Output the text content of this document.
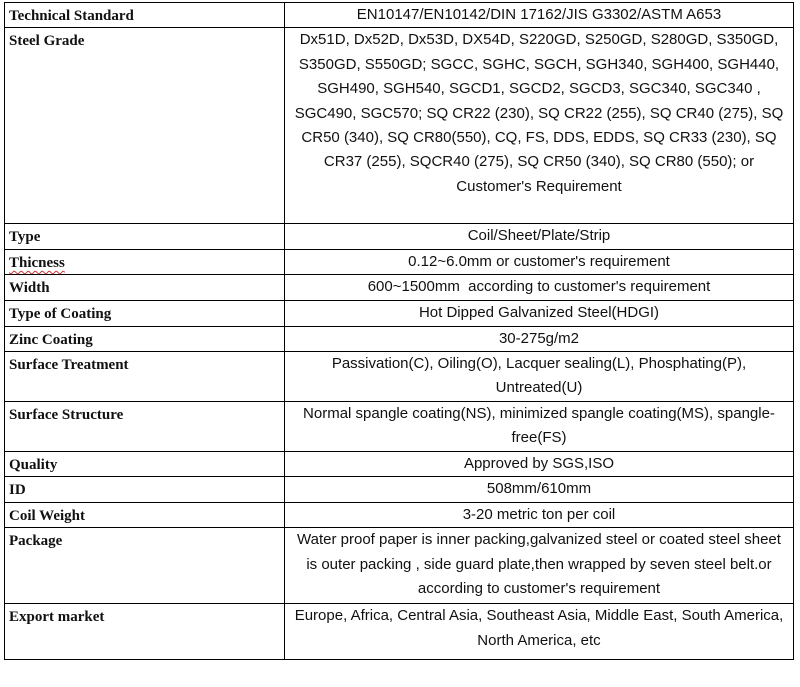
Technical Standard	EN10147/EN10142/DIN 17162/JIS G3302/ASTM A653
Steel Grade	Dx51D, Dx52D, Dx53D, DX54D, S220GD, S250GD, S280GD, S350GD, S350GD, S550GD; SGCC, SGHC, SGCH, SGH340, SGH400, SGH440, SGH490, SGH540, SGCD1, SGCD2, SGCD3, SGC340, SGC340 , SGC490, SGC570; SQ CR22 (230), SQ CR22 (255), SQ CR40 (275), SQ CR50 (340), SQ CR80(550), CQ, FS, DDS, EDDS, SQ CR33 (230), SQ CR37 (255), SQCR40 (275), SQ CR50 (340), SQ CR80 (550); or Customer's Requirement
Type	Coil/Sheet/Plate/Strip
Thicness	0.12~6.0mm or customer's requirement
Width	600~1500mm  according to customer's requirement
Type of Coating	Hot Dipped Galvanized Steel(HDGI)
Zinc Coating	30-275g/m2
Surface Treatment	Passivation(C), Oiling(O), Lacquer sealing(L), Phosphating(P), Untreated(U)
Surface Structure	Normal spangle coating(NS), minimized spangle coating(MS), spangle-free(FS)
Quality	Approved by SGS,ISO
ID	508mm/610mm
Coil Weight	3-20 metric ton per coil
Package	Water proof paper is inner packing,galvanized steel or coated steel sheet is outer packing , side guard plate,then wrapped by seven steel belt.or according to customer's requirement
Export market	Europe, Africa, Central Asia, Southeast Asia, Middle East, South America, North America, etc
